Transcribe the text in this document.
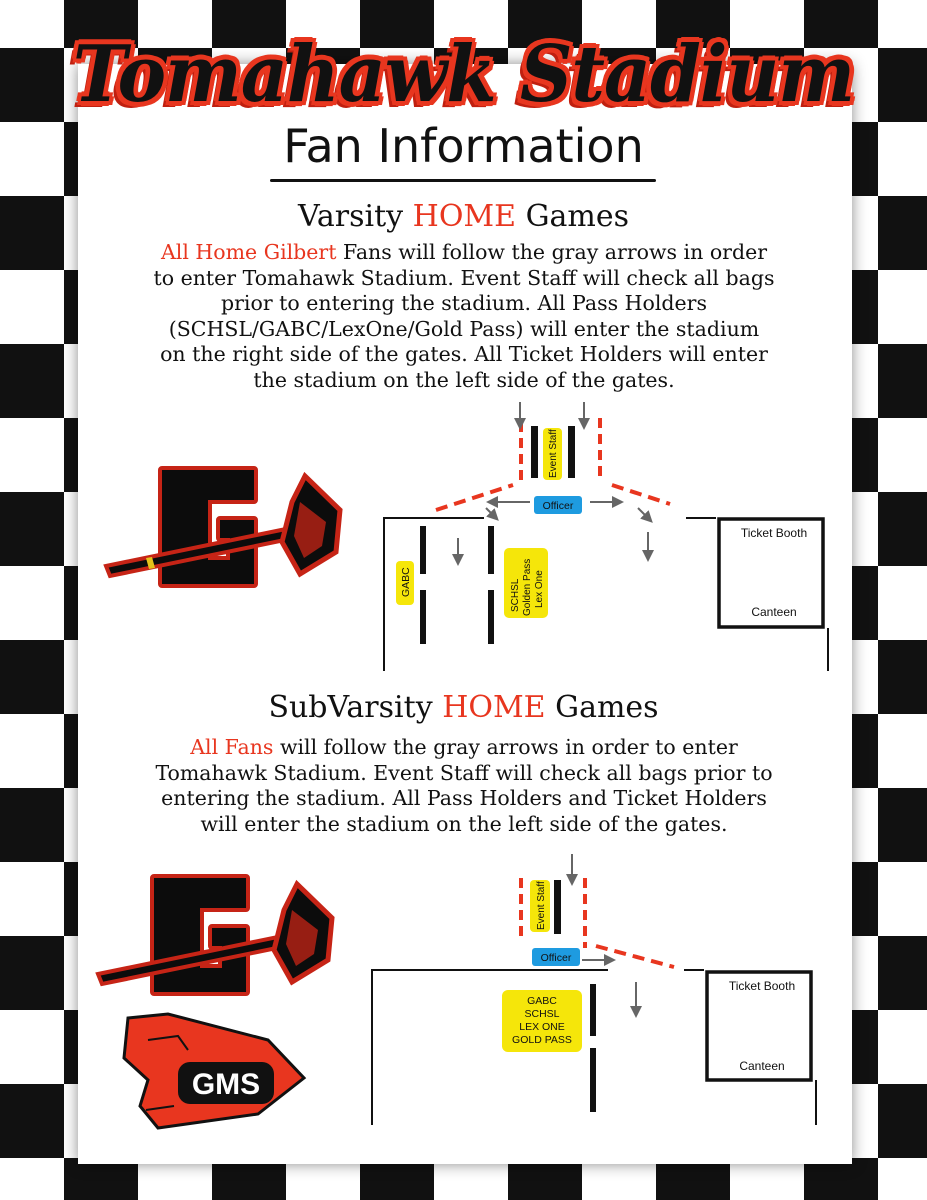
Tomahawk Stadium
Fan Information
Varsity HOME Games
All Home Gilbert Fans will follow the gray arrows in order
to enter Tomahawk Stadium. Event Staff will check all bags
prior to entering the stadium. All Pass Holders
(SCHSL/GABC/LexOne/Gold Pass) will enter the stadium
on the right side of the gates. All Ticket Holders will enter
the stadium on the left side of the gates.
G	Event Staff
Officer
GABC	SCHSL Golden Pass Lex One
Ticket Booth
Canteen
SubVarsity HOME Games
All Fans will follow the gray arrows in order to enter
Tomahawk Stadium. Event Staff will check all bags prior to
entering the stadium. All Pass Holders and Ticket Holders
will enter the stadium on the left side of the gates.
GMS
Event Staff
Officer
GABC
SCHSL
LEX ONE
GOLD PASS
Ticket Booth
Canteen
